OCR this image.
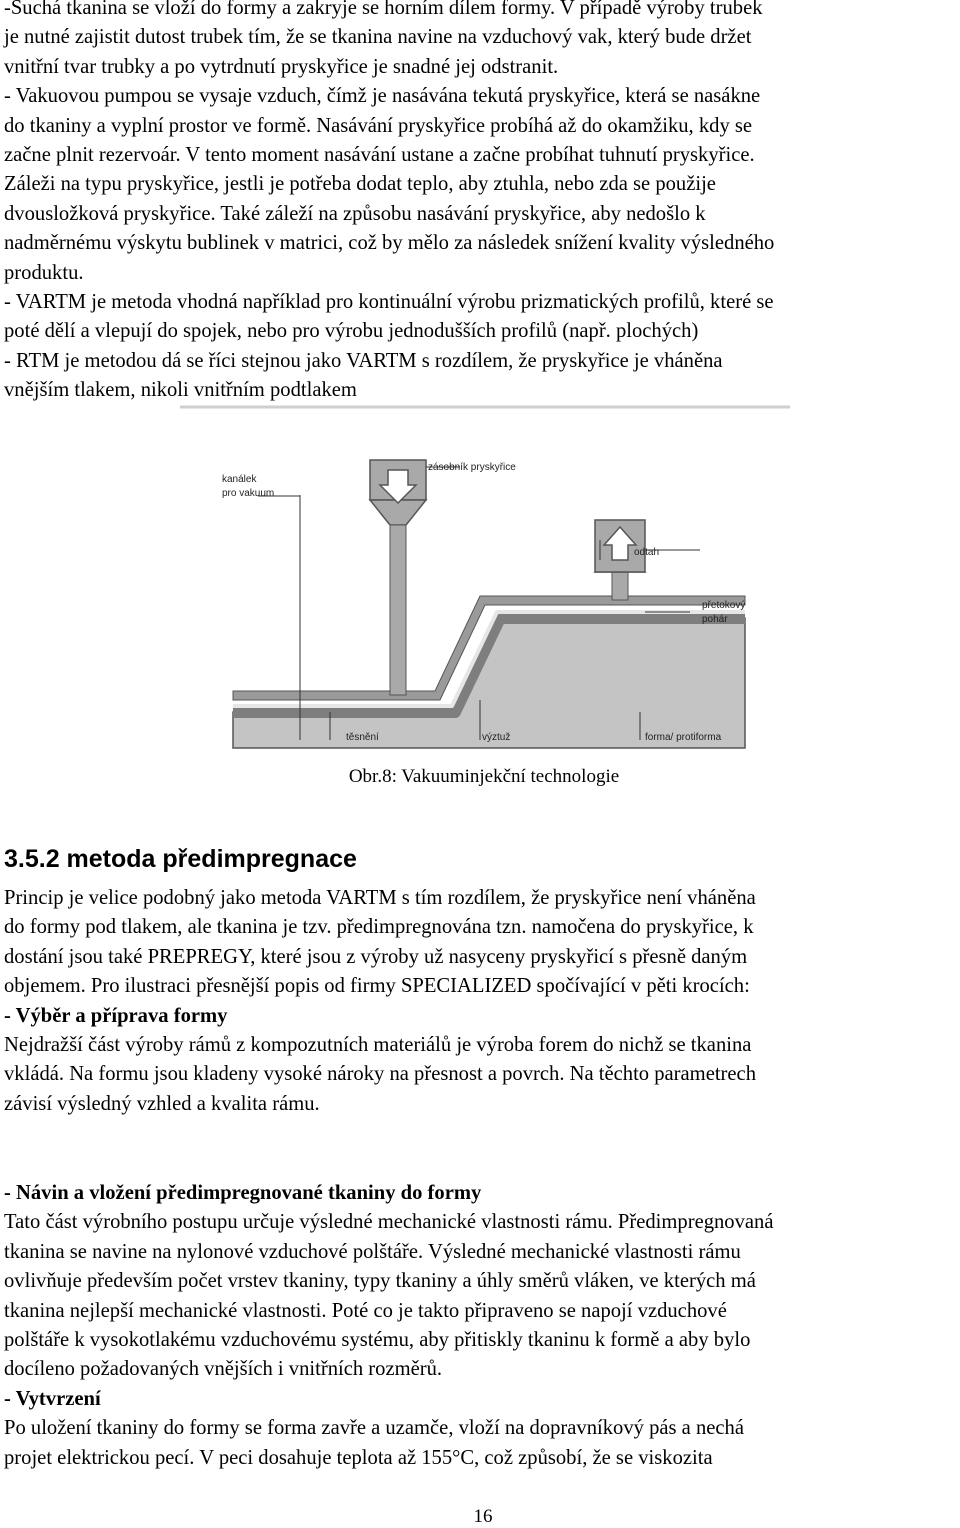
-Suchá tkanina se vloží do formy a zakryje se horním dílem formy. V případě výroby trubek

je nutné zajistit dutost trubek tím, že se tkanina navine na vzduchový vak, který bude držet

vnitřní tvar trubky a po vytrdnutí pryskyřice je snadné jej odstranit.

- Vakuovou pumpou se vysaje vzduch, čímž je nasávána tekutá pryskyřice, která se nasákne

do tkaniny a vyplní prostor ve formě. Nasávání pryskyřice probíhá až do okamžiku, kdy se

začne plnit rezervoár. V tento moment nasávání ustane a začne probíhat tuhnutí pryskyřice.

Záleži na typu pryskyřice, jestli je potřeba dodat teplo, aby ztuhla, nebo zda se použije

dvousložková pryskyřice. Také záleží na způsobu nasávání pryskyřice, aby nedošlo k

nadměrnému výskytu bublinek v matrici, což by mělo za následek snížení kvality výsledného

produktu.

- VARTM je metoda vhodná například pro kontinuální výrobu prizmatických profilů, které se

poté dělí a vlepují do spojek, nebo pro výrobu jednodušších profilů (např. plochých)

- RTM je metodou dá se říci stejnou jako VARTM s rozdílem, že pryskyřice je vháněna

vnějším tlakem, nikoli vnitřním podtlakem

kanálek
pro vakuum
zásobník pryskyřice
odtah
přetokový
pohár
těsnění	výztuž	forma/ protiforma
Obr.8: Vakuuminjekční technologie
3.5.2 metoda předimpregnace

Princip je velice podobný jako metoda VARTM s tím rozdílem, že pryskyřice není vháněna

do formy pod tlakem, ale tkanina je tzv. předimpregnována tzn. namočena do pryskyřice, k

dostání jsou také PREPREGY, které jsou z výroby už nasyceny pryskyřicí s přesně daným

objemem. Pro ilustraci přesnější popis od firmy SPECIALIZED spočívající v pěti krocích:

- Výběr a příprava formy

Nejdražší část výroby rámů z kompozutních materiálů je výroba forem do nichž se tkanina

vkládá. Na formu jsou kladeny vysoké nároky na přesnost a povrch. Na těchto parametrech

závisí výsledný vzhled a kvalita rámu.

- Návin a vložení předimpregnované tkaniny do formy

Tato část výrobního postupu určuje výsledné mechanické vlastnosti rámu. Předimpregnovaná

tkanina se navine na nylonové vzduchové polštáře. Výsledné mechanické vlastnosti rámu

ovlivňuje především počet vrstev tkaniny, typy tkaniny a úhly směrů vláken, ve kterých má

tkanina nejlepší mechanické vlastnosti. Poté co je takto připraveno se napojí vzduchové

polštáře k vysokotlakému vzduchovému systému, aby přitiskly tkaninu k formě a aby bylo

docíleno požadovaných vnějších i vnitřních rozměrů.

- Vytvrzení

Po uložení tkaniny do formy se forma zavře a uzamče, vloží na dopravníkový pás a nechá

projet elektrickou pecí. V peci dosahuje teplota až 155°C, což způsobí, že se viskozita

16
